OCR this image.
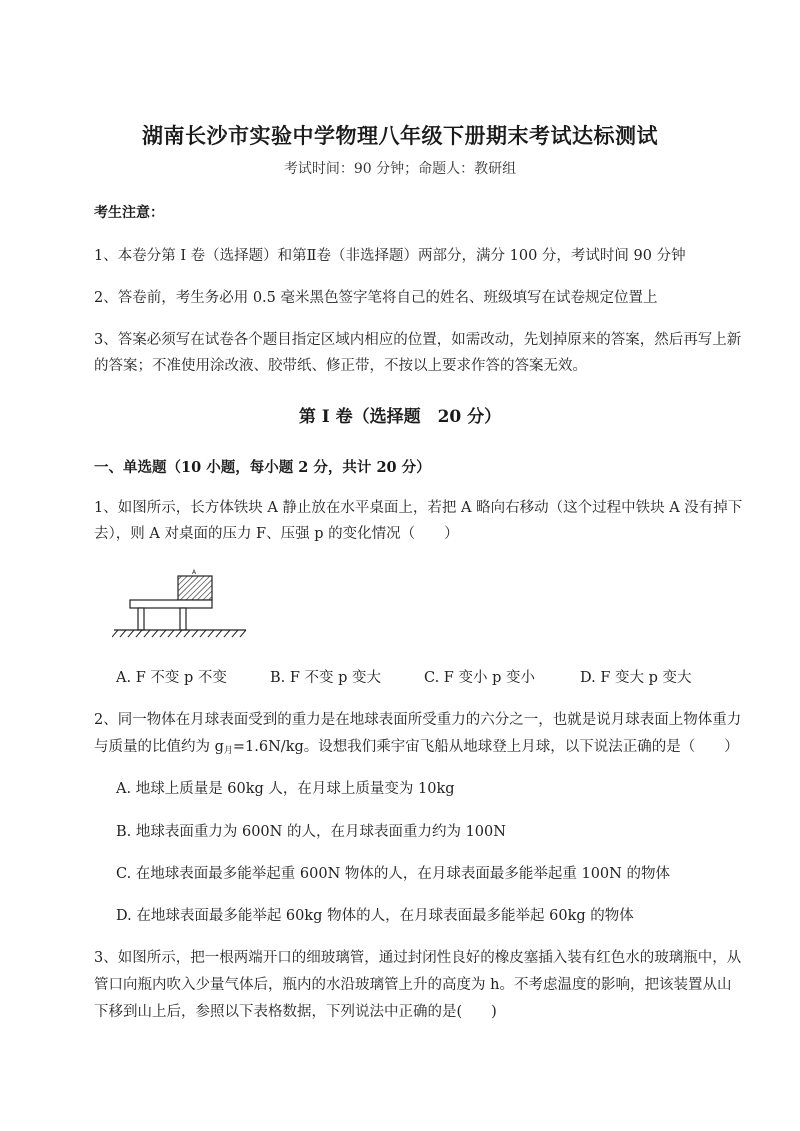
湖南长沙市实验中学物理八年级下册期末考试达标测试
考试时间：90 分钟；命题人：教研组
考生注意：
1、本卷分第 I 卷（选择题）和第Ⅱ卷（非选择题）两部分，满分 100 分，考试时间 90 分钟
2、答卷前，考生务必用 0.5 毫米黑色签字笔将自己的姓名、班级填写在试卷规定位置上
3、答案必须写在试卷各个题目指定区域内相应的位置，如需改动，先划掉原来的答案，然后再写上新
的答案；不准使用涂改液、胶带纸、修正带，不按以上要求作答的答案无效。
第 I 卷（选择题　20 分）
一、单选题（10 小题，每小题 2 分，共计 20 分）
1、如图所示，长方体铁块 A 静止放在水平桌面上，若把 A 略向右移动（这个过程中铁块 A 没有掉下
去），则 A 对桌面的压力 F、压强 p 的变化情况（　　）
A
A. F 不变 p 不变	B. F 不变 p 变大	C. F 变小 p 变小	D. F 变大 p 变大
2、同一物体在月球表面受到的重力是在地球表面所受重力的六分之一，也就是说月球表面上物体重力
与质量的比值约为 $g_月=1.6N/kg$。设想我们乘宇宙飞船从地球登上月球，以下说法正确的是（　　）
A. 地球上质量是 60kg 人，在月球上质量变为 10kg
B. 地球表面重力为 600N 的人，在月球表面重力约为 100N
C. 在地球表面最多能举起重 600N 物体的人，在月球表面最多能举起重 100N 的物体
D. 在地球表面最多能举起 60kg 物体的人，在月球表面最多能举起 60kg 的物体
3、如图所示，把一根两端开口的细玻璃管，通过封闭性良好的橡皮塞插入装有红色水的玻璃瓶中，从
管口向瓶内吹入少量气体后，瓶内的水沿玻璃管上升的高度为 h。不考虑温度的影响，把该装置从山
下移到山上后，参照以下表格数据，下列说法中正确的是(　　)
